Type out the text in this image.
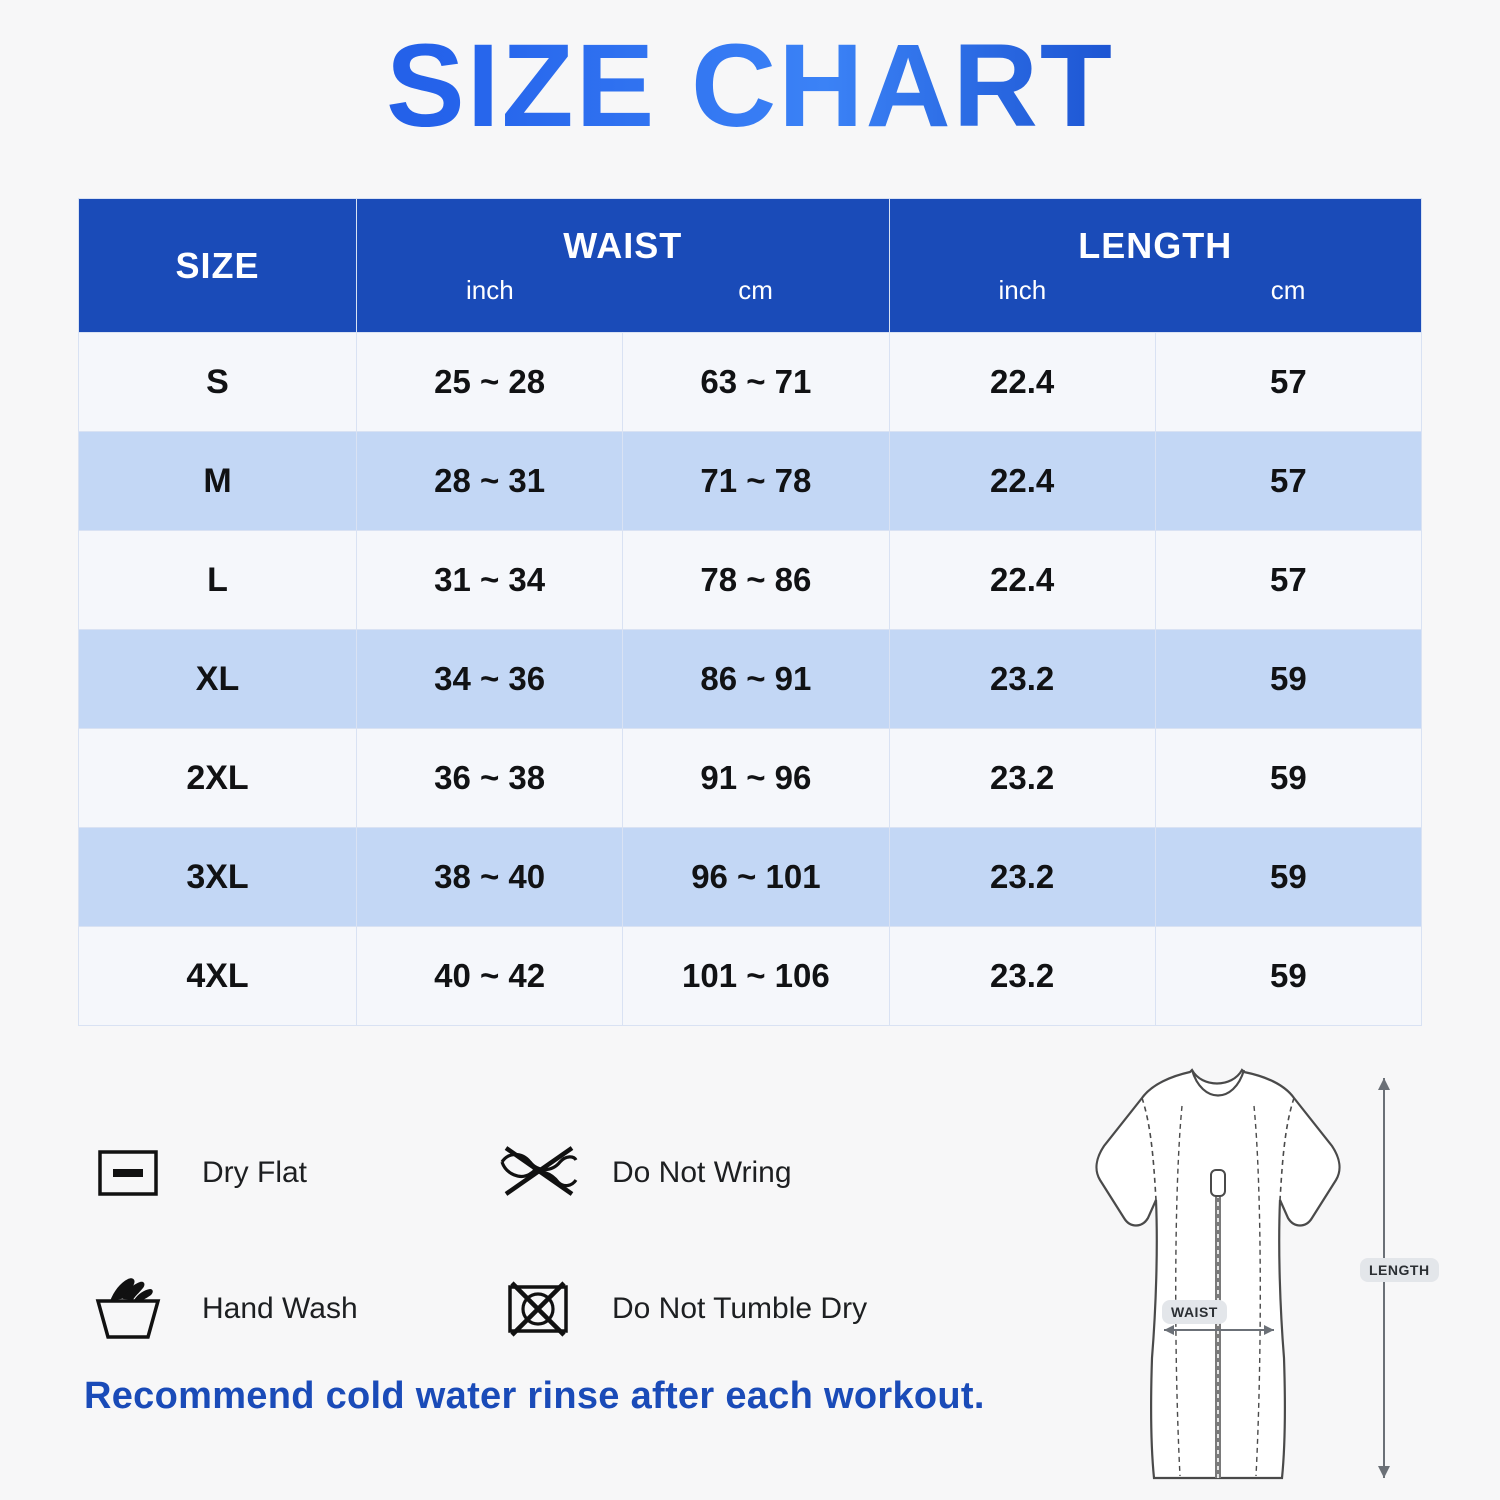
SIZE CHART
SIZE	WAIST
inch	cm

LENGTH
inch	cm

S	25 ~ 28	63 ~ 71	22.4	57
M	28 ~ 31	71 ~ 78	22.4	57
L	31 ~ 34	78 ~ 86	22.4	57
XL	34 ~ 36	86 ~ 91	23.2	59
2XL	36 ~ 38	91 ~ 96	23.2	59
3XL	38 ~ 40	96 ~ 101	23.2	59
4XL	40 ~ 42	101 ~ 106	23.2	59
Dry Flat	Do Not Wring
Hand Wash	Do Not Tumble Dry
Recommend cold water rinse after each workout.
WAIST
LENGTH
